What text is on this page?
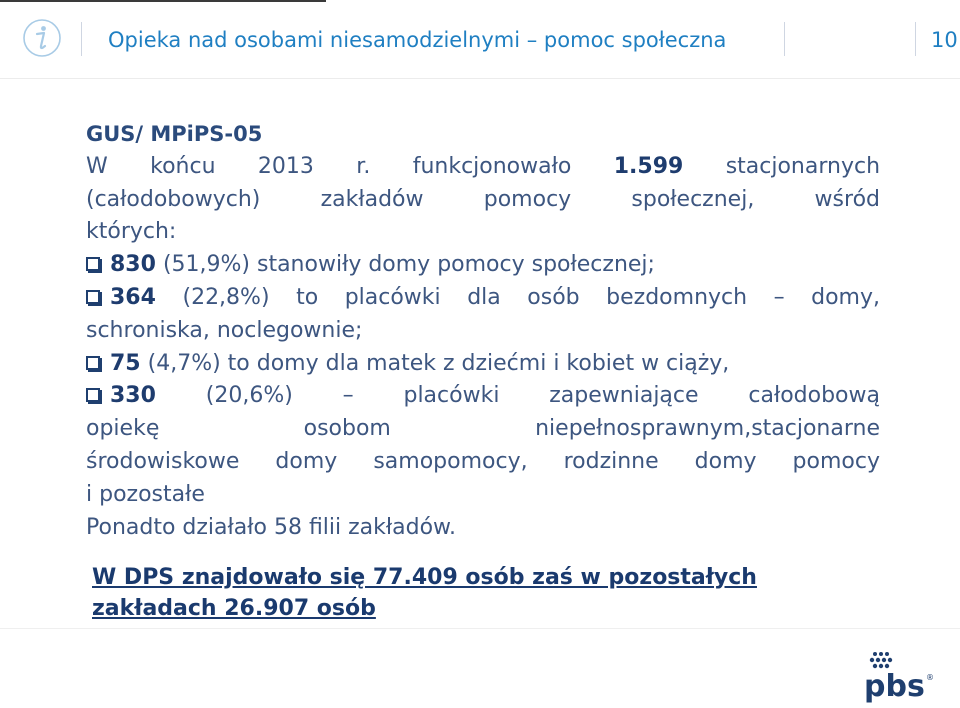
Opieka nad osobami niesamodzielnymi – pomoc społeczna	10
GUS/ MPiPS-05
W końcu 2013 r. funkcjonowało 1.599 stacjonarnych
(całodobowych) zakładów pomocy społecznej, wśród
których:
830 (51,9%) stanowiły domy pomocy społecznej;
364 (22,8%) to placówki dla osób bezdomnych – domy,
schroniska, noclegownie;
75 (4,7%) to domy dla matek z dziećmi i kobiet w ciąży,
330 (20,6%) – placówki zapewniające całodobową
opiekę osobom niepełnosprawnym,stacjonarne
środowiskowe domy samopomocy, rodzinne domy pomocy
i pozostałe
Ponadto działało 58 filii zakładów.
W DPS znajdowało się 77.409 osób zaś w pozostałych
zakładach 26.907 osób
pbs ®
